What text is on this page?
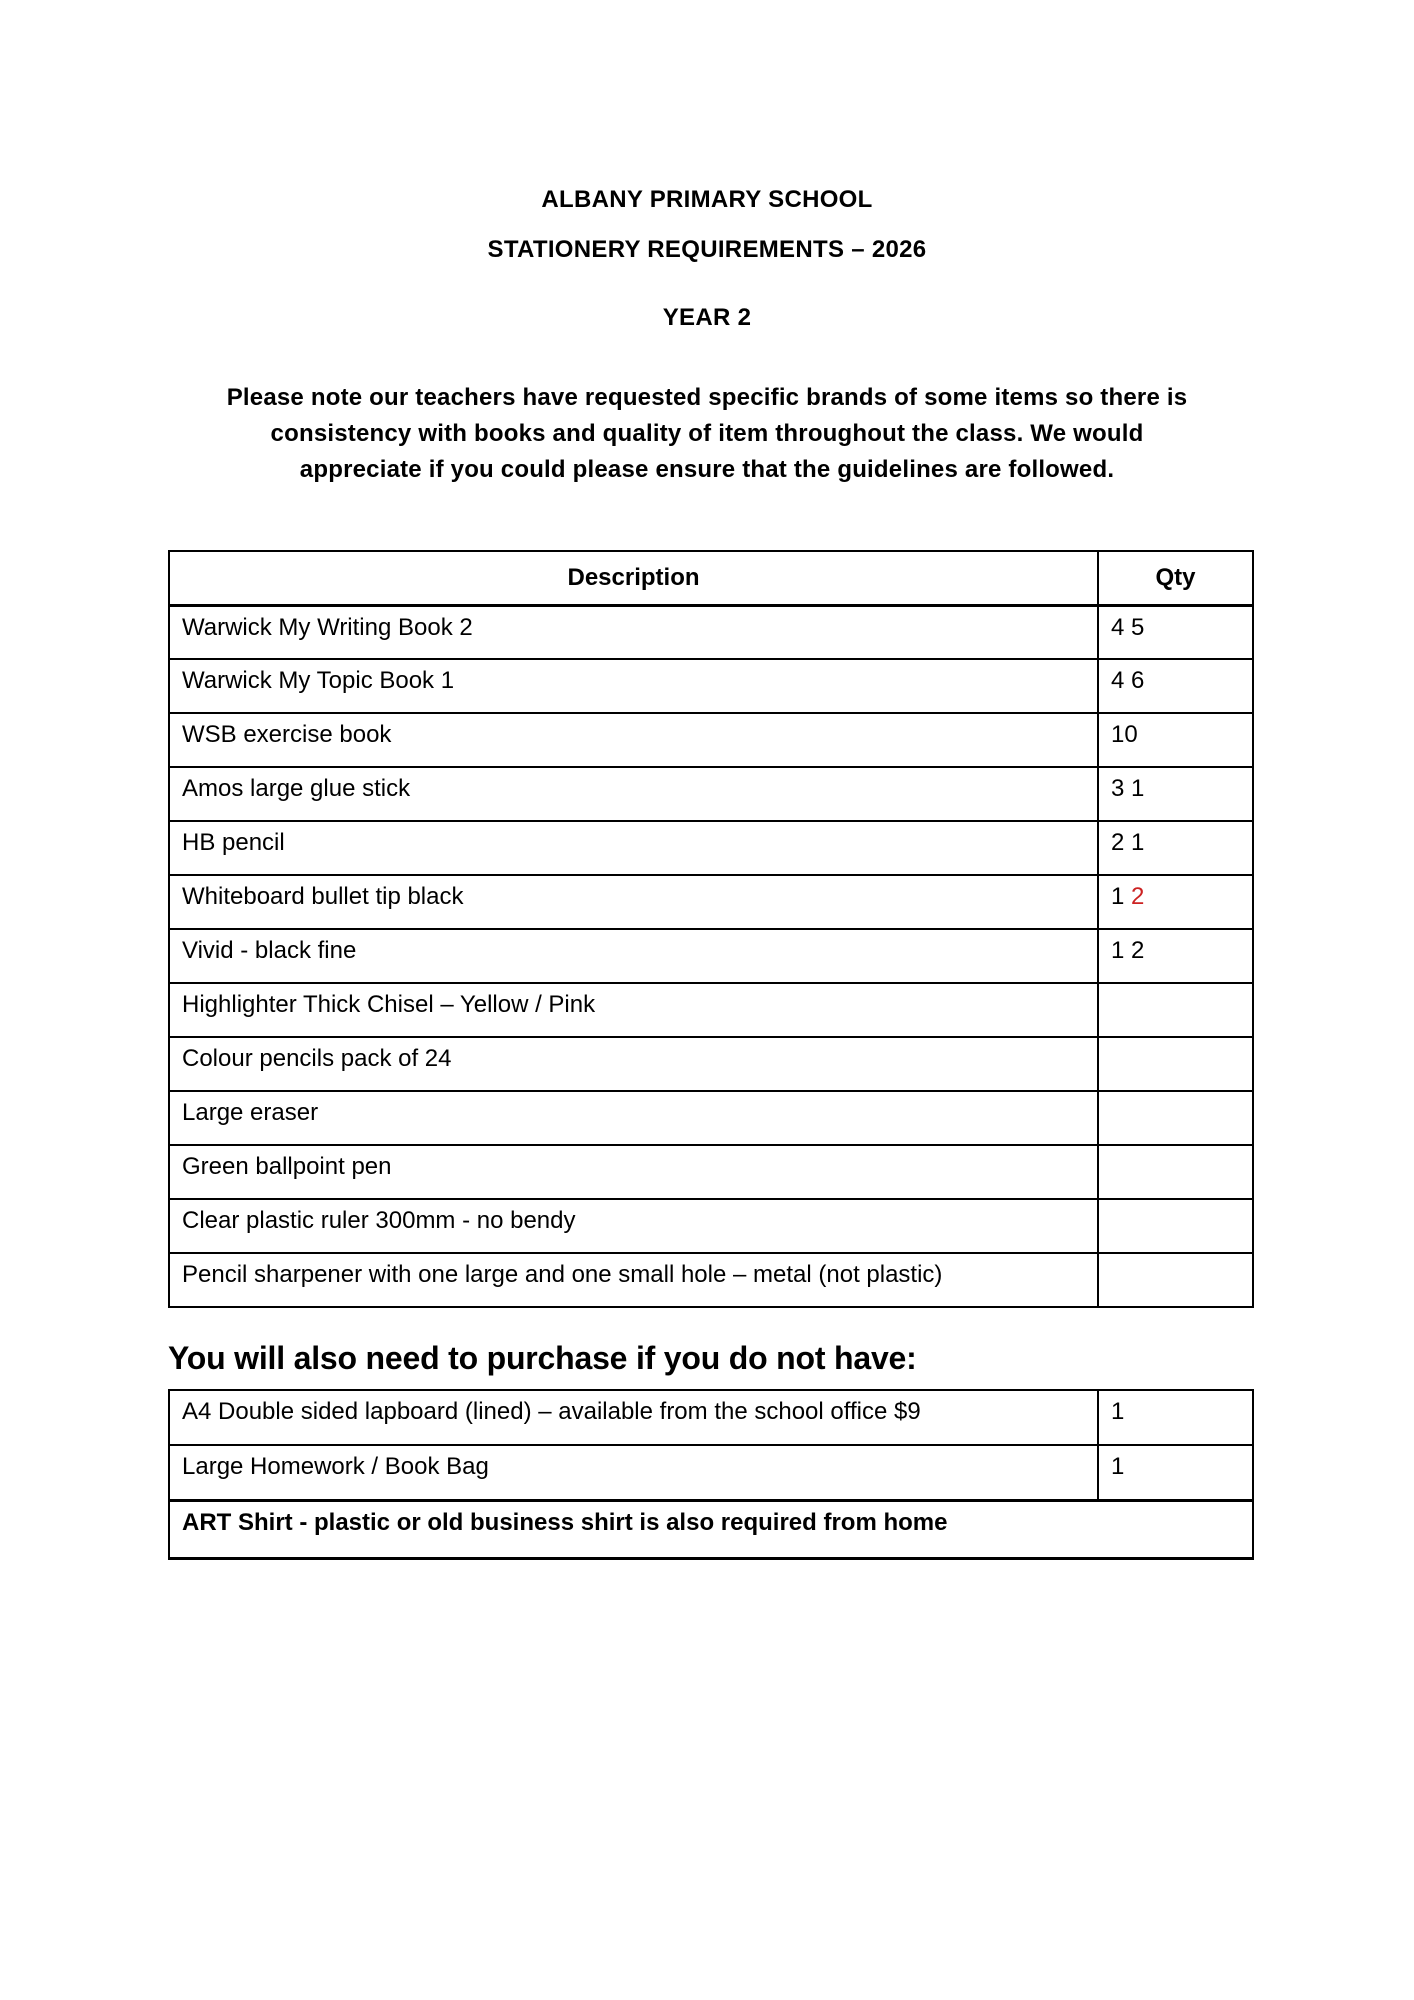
ALBANY PRIMARY SCHOOL
STATIONERY REQUIREMENTS – 2026
YEAR 2
Please note our teachers have requested specific brands of some items so there is
consistency with books and quality of item throughout the class. We would
appreciate if you could please ensure that the guidelines are followed.
Description	Qty
Warwick My Writing Book 2	4 5
Warwick My Topic Book 1	4 6
WSB exercise book	10
Amos large glue stick	3 1
HB pencil	2 1
Whiteboard bullet tip black	1 2
Vivid - black fine	1 2
Highlighter Thick Chisel – Yellow / Pink	
Colour pencils pack of 24	
Large eraser	
Green ballpoint pen	
Clear plastic ruler 300mm - no bendy	
Pencil sharpener with one large and one small hole – metal (not plastic)	
You will also need to purchase if you do not have:
A4 Double sided lapboard (lined) – available from the school office $9	1
Large Homework / Book Bag	1
ART Shirt - plastic or old business shirt is also required from home	
